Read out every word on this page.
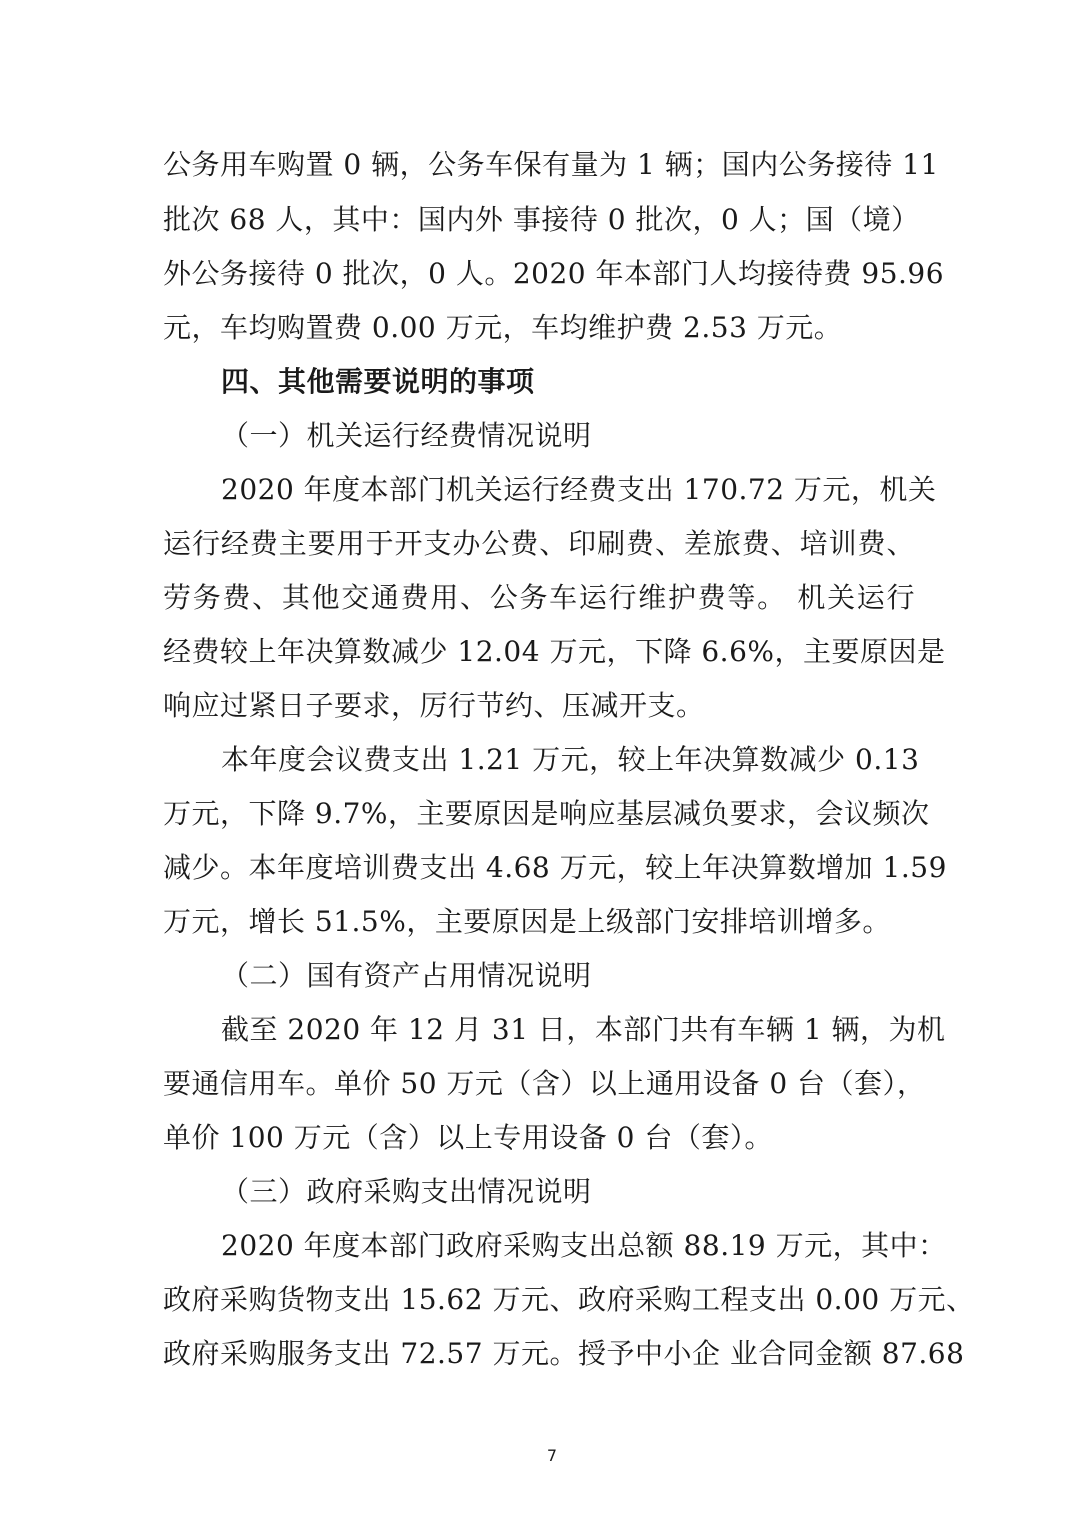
公务用车购置 0 辆，公务车保有量为 1 辆；国内公务接待 11
批次 68 人，其中：国内外 事接待 0 批次，0 人；国（境）
外公务接待 0 批次，0 人。2020 年本部门人均接待费 95.96
元，车均购置费 0.00 万元，车均维护费 2.53 万元。
四、其他需要说明的事项
（一）机关运行经费情况说明
2020 年度本部门机关运行经费支出 170.72 万元，机关
运行经费主要用于开支办公费、印刷费、差旅费、培训费、
劳务费、其他交通费用、公务车运行维护费等。 机关运行
经费较上年决算数减少 12.04 万元，下降 6.6%，主要原因是
响应过紧日子要求，厉行节约、压减开支。
本年度会议费支出 1.21 万元，较上年决算数减少 0.13
万元，下降 9.7%，主要原因是响应基层减负要求，会议频次
减少。本年度培训费支出 4.68 万元，较上年决算数增加 1.59
万元，增长 51.5%，主要原因是上级部门安排培训增多。
（二）国有资产占用情况说明
截至 2020 年 12 月 31 日，本部门共有车辆 1 辆，为机
要通信用车。单价 50 万元（含）以上通用设备 0 台（套），
单价 100 万元（含）以上专用设备 0 台（套）。
（三）政府采购支出情况说明
2020 年度本部门政府采购支出总额 88.19 万元，其中：
政府采购货物支出 15.62 万元、政府采购工程支出 0.00 万元、
政府采购服务支出 72.57 万元。授予中小企 业合同金额 87.68
7
